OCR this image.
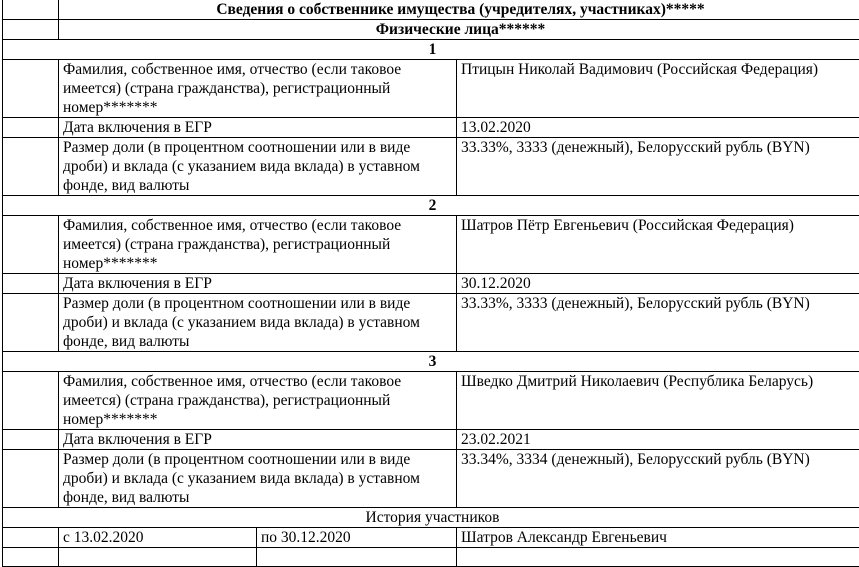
	Сведения о собственнике имущества (учредителях, участниках)*****		
	Физические лица******		
1			
	Фамилия, собственное имя, отчество (если таковое имеется) (страна гражданства), регистрационный номер*******		Птицын Николай Вадимович (Российская Федерация)
	Дата включения в ЕГР		13.02.2020
	Размер доли (в процентном соотношении или в виде дроби) и вклада (с указанием вида вклада) в уставном фонде, вид валюты		33.33%, 3333 (денежный), Белорусский рубль (BYN)
2			
	Фамилия, собственное имя, отчество (если таковое имеется) (страна гражданства), регистрационный номер*******		Шатров Пётр Евгеньевич (Российская Федерация)
	Дата включения в ЕГР		30.12.2020
	Размер доли (в процентном соотношении или в виде дроби) и вклада (с указанием вида вклада) в уставном фонде, вид валюты		33.33%, 3333 (денежный), Белорусский рубль (BYN)
3			
	Фамилия, собственное имя, отчество (если таковое имеется) (страна гражданства), регистрационный номер*******		Шведко Дмитрий Николаевич (Республика Беларусь)
	Дата включения в ЕГР		23.02.2021
	Размер доли (в процентном соотношении или в виде дроби) и вклада (с указанием вида вклада) в уставном фонде, вид валюты		33.34%, 3334 (денежный), Белорусский рубль (BYN)
История участников			
	с 13.02.2020	по 30.12.2020	Шатров Александр Евгеньевич
